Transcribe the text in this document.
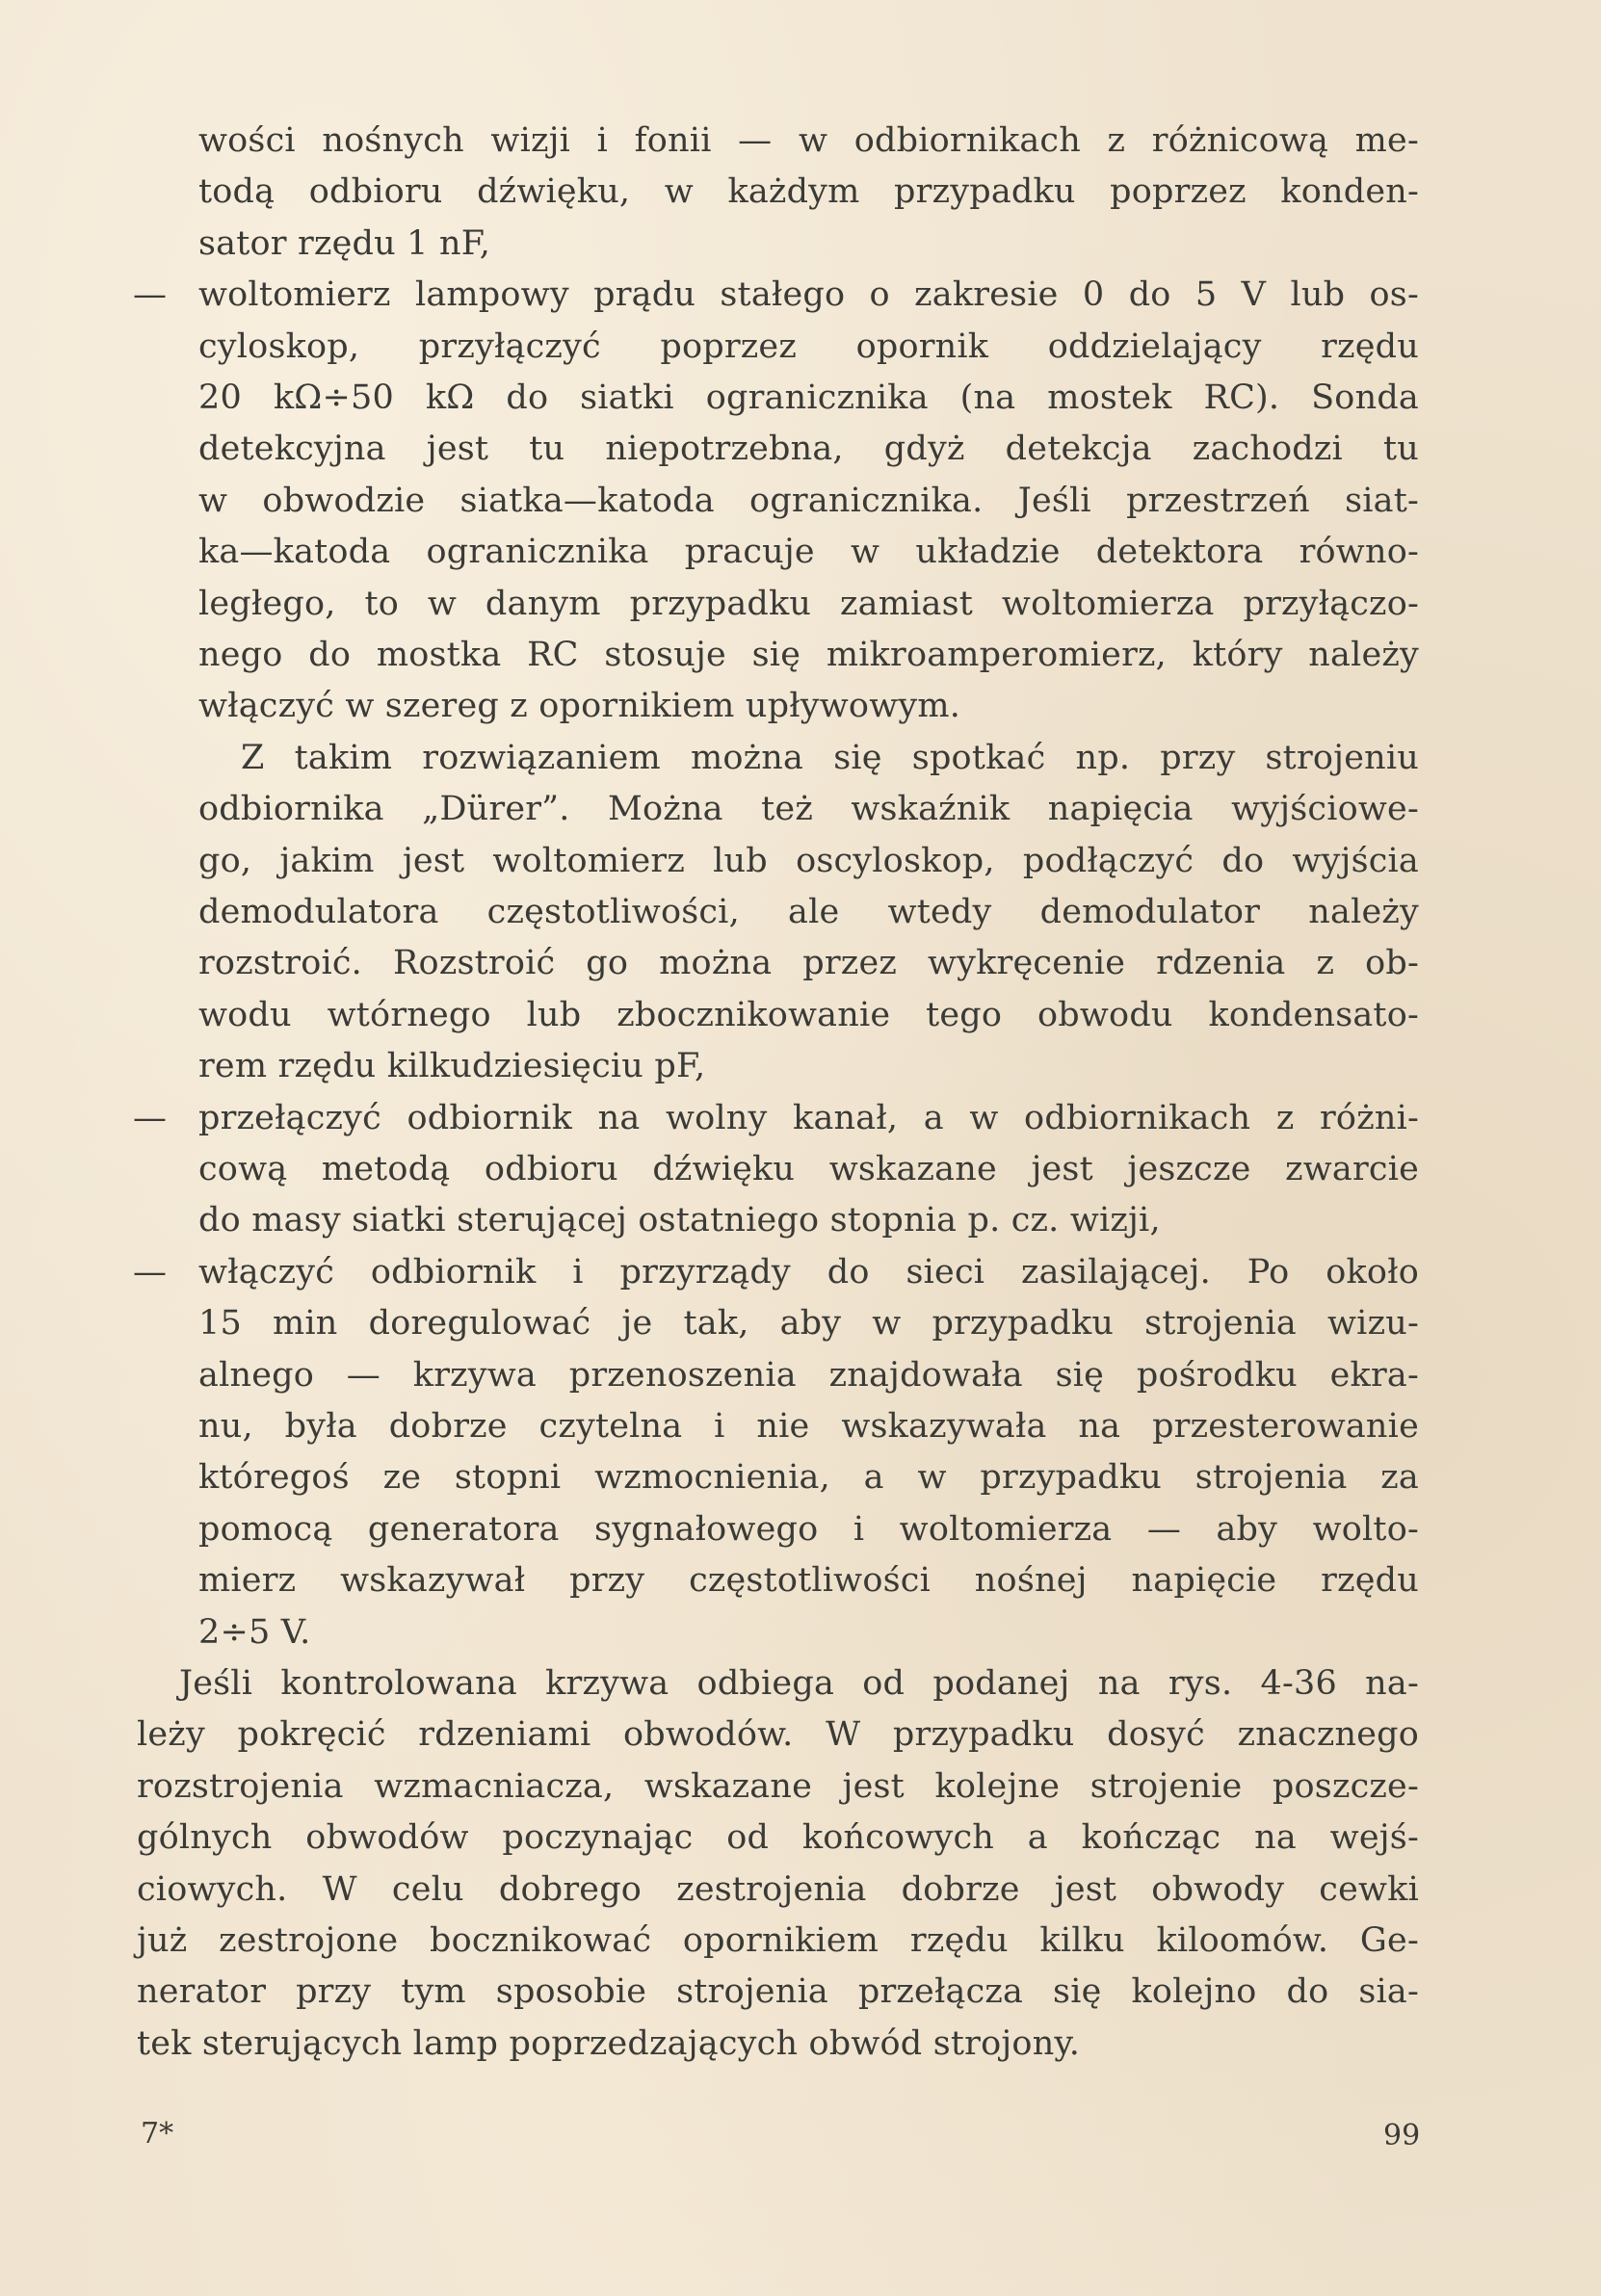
wości nośnych wizji i fonii — w odbiornikach z różnicową me-
todą odbioru dźwięku, w każdym przypadku poprzez konden-
sator rzędu 1 nF,
— woltomierz lampowy prądu stałego o zakresie 0 do 5 V lub os-
cyloskop, przyłączyć poprzez opornik oddzielający rzędu
20 kΩ÷50 kΩ do siatki ogranicznika (na mostek RC). Sonda
detekcyjna jest tu niepotrzebna, gdyż detekcja zachodzi tu
w obwodzie siatka—katoda ogranicznika. Jeśli przestrzeń siat-
ka—katoda ogranicznika pracuje w układzie detektora równo-
ległego, to w danym przypadku zamiast woltomierza przyłączo-
nego do mostka RC stosuje się mikroamperomierz, który należy
włączyć w szereg z opornikiem upływowym.
Z takim rozwiązaniem można się spotkać np. przy strojeniu
odbiornika „Dürer”. Można też wskaźnik napięcia wyjściowe-
go, jakim jest woltomierz lub oscyloskop, podłączyć do wyjścia
demodulatora częstotliwości, ale wtedy demodulator należy
rozstroić. Rozstroić go można przez wykręcenie rdzenia z ob-
wodu wtórnego lub zbocznikowanie tego obwodu kondensato-
rem rzędu kilkudziesięciu pF,
— przełączyć odbiornik na wolny kanał, a w odbiornikach z różni-
cową metodą odbioru dźwięku wskazane jest jeszcze zwarcie
do masy siatki sterującej ostatniego stopnia p. cz. wizji,
— włączyć odbiornik i przyrządy do sieci zasilającej. Po około
15 min doregulować je tak, aby w przypadku strojenia wizu-
alnego — krzywa przenoszenia znajdowała się pośrodku ekra-
nu, była dobrze czytelna i nie wskazywała na przesterowanie
któregoś ze stopni wzmocnienia, a w przypadku strojenia za
pomocą generatora sygnałowego i woltomierza — aby wolto-
mierz wskazywał przy częstotliwości nośnej napięcie rzędu
2÷5 V.
Jeśli kontrolowana krzywa odbiega od podanej na rys. 4-36 na-
leży pokręcić rdzeniami obwodów. W przypadku dosyć znacznego
rozstrojenia wzmacniacza, wskazane jest kolejne strojenie poszcze-
gólnych obwodów poczynając od końcowych a kończąc na wejś-
ciowych. W celu dobrego zestrojenia dobrze jest obwody cewki
już zestrojone bocznikować opornikiem rzędu kilku kiloomów. Ge-
nerator przy tym sposobie strojenia przełącza się kolejno do sia-
tek sterujących lamp poprzedzających obwód strojony.
7*	99
